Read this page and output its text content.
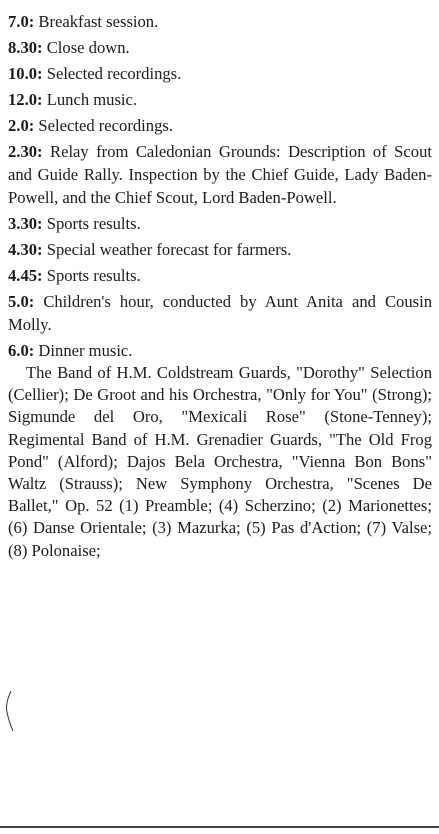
7.0: Breakfast session.
8.30: Close down.
10.0: Selected recordings.
12.0: Lunch music.
2.0: Selected recordings.
2.30: Relay from Caledonian Grounds: Description of Scout and Guide Rally. Inspection by the Chief Guide, Lady Baden-Powell, and the Chief Scout, Lord Baden-Powell.
3.30: Sports results.
4.30: Special weather forecast for farmers.
4.45: Sports results.
5.0: Children's hour, conducted by Aunt Anita and Cousin Molly.
6.0: Dinner music.
The Band of H.M. Coldstream Guards, "Dorothy" Selection (Cellier); De Groot and his Orchestra, "Only for You" (Strong); Sigmunde del Oro, "Mexicali Rose" (Stone-Tenney); Regimental Band of H.M. Grenadier Guards, "The Old Frog Pond" (Alford); Dajos Bela Orchestra, "Vienna Bon Bons" Waltz (Strauss); New Symphony Orchestra, "Scenes De Ballet," Op. 52 (1) Preamble; (4) Scherzino; (2) Marionettes; (6) Danse Orientale; (3) Mazurka; (5) Pas d'Action; (7) Valse; (8) Polonaise;
